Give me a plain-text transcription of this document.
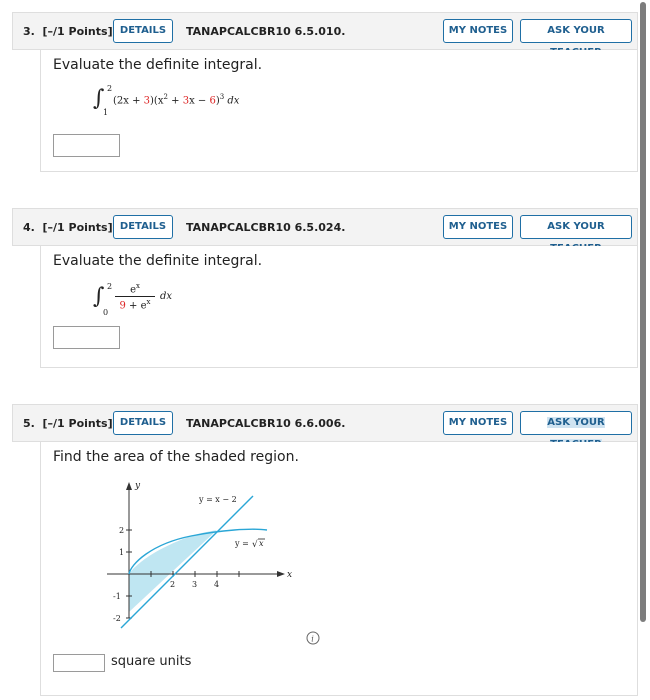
3. [–/1 Points] DETAILS	TANAPCALCBR10 6.5.010.	MY NOTES	ASK YOUR
Evaluate the definite integral.
∫ 2
1
$(2x + 3)(x^2 + 3x - 6)^3$ dx
4. [–/1 Points] DETAILS	TANAPCALCBR10 6.5.024.	MY NOTES	ASK YOUR
Evaluate the definite integral.
∫ 2
0
$e^x$
$9 + e^x$
dx
5. [–/1 Points] DETAILS	TANAPCALCBR10 6.6.006.	MY NOTES	ASK YOUR
Find the area of the shaded region.
y
x
2 3 4
2
1
-1
-2
y = x − 2
y = √ x
i
square units
